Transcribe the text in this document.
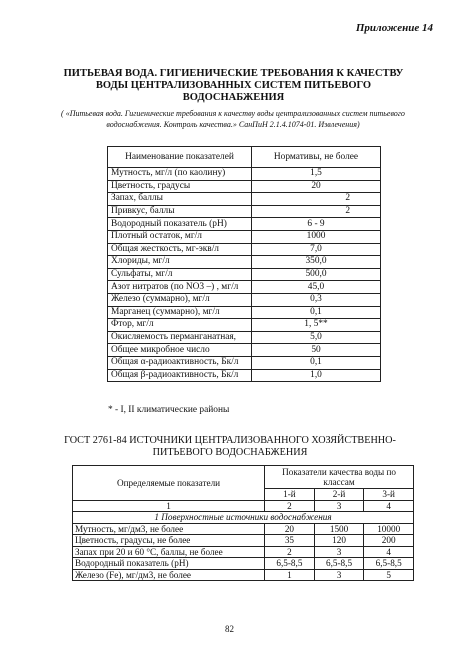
Приложение 14
ПИТЬЕВАЯ ВОДА. ГИГИЕНИЧЕСКИЕ ТРЕБОВАНИЯ К КАЧЕСТВУ
ВОДЫ ЦЕНТРАЛИЗОВАННЫХ СИСТЕМ ПИТЬЕВОГО ВОДОСНАБЖЕНИЯ
( «Питьевая вода. Гигиенические требования к качеству воды централизованных систем питьевого водоснабжения. Контроль качества.» СанПиН 2.1.4.1074-01. Извлечения)
Наименование показателей	Нормативы, не более
Мутность, мг/л (по каолину)	1,5
Цветность, градусы	20
Запах, баллы	2
Привкус, баллы	2
Водородный показатель (рН)	6 - 9
Плотный остаток, мг/л	1000
Общая жесткость, мг-экв/л	7,0
Хлориды, мг/л	350,0
Сульфаты, мг/л	500,0
Азот нитратов (по NO3 –) , мг/л	45,0
Железо (суммарно), мг/л	0,3
Марганец (суммарно), мг/л	0,1
Фтор, мг/л	1, 5**
Окисляемость перманганатная,	5,0
Общее микробное число	50
Общая α-радиоактивность, Бк/л	0,1
Общая β-радиоактивность, Бк/л	1,0
* - I, II климатические районы
ГОСТ 2761-84 ИСТОЧНИКИ ЦЕНТРАЛИЗОВАННОГО ХОЗЯЙСТВЕННО-
ПИТЬЕВОГО ВОДОСНАБЖЕНИЯ
Определяемые показатели	Показатели качества воды по классам		
	1-й	2-й	3-й
1	2	3	4
1 Поверхностные источники водоснабжения			
Мутность, мг/дм3, не более	20	1500	10000
Цветность, градусы, не более	35	120	200
Запах при 20 и 60 °С, баллы, не более	2	3	4
Водородный показатель (рН)	6,5-8,5	6,5-8,5	6,5-8,5
Железо (Fe), мг/дм3, не более	1	3	5
82
